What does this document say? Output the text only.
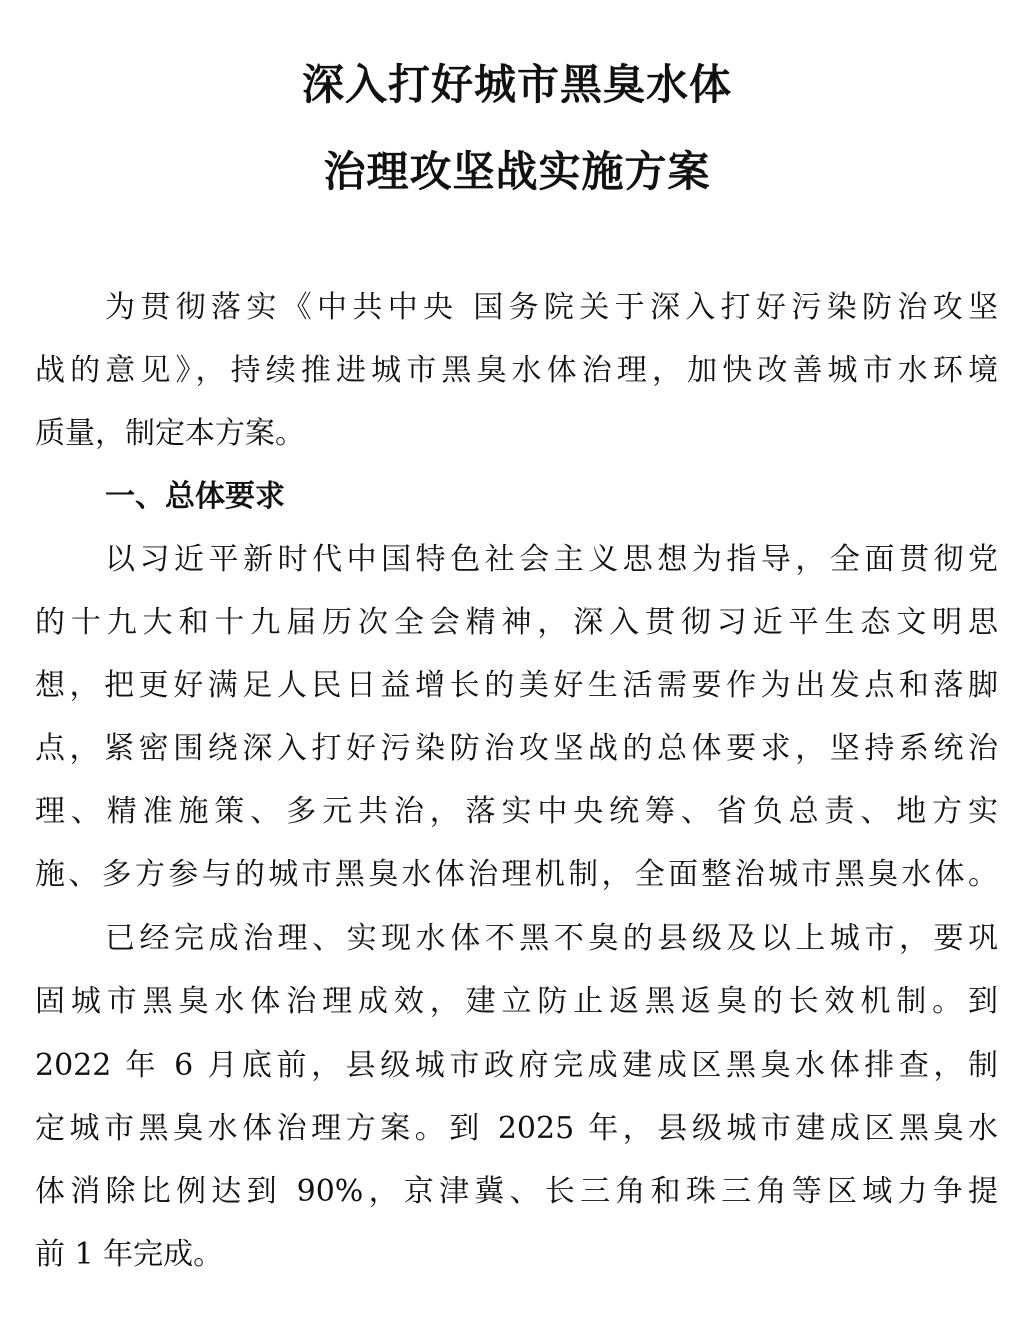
深入打好城市黑臭水体
治理攻坚战实施方案
为贯彻落实《中共中央 国务院关于深入打好污染防治攻坚
战的意见》，持续推进城市黑臭水体治理，加快改善城市水环境
质量，制定本方案。
一、总体要求
以习近平新时代中国特色社会主义思想为指导，全面贯彻党
的十九大和十九届历次全会精神，深入贯彻习近平生态文明思
想，把更好满足人民日益增长的美好生活需要作为出发点和落脚
点，紧密围绕深入打好污染防治攻坚战的总体要求，坚持系统治
理、精准施策、多元共治，落实中央统筹、省负总责、地方实
施、多方参与的城市黑臭水体治理机制，全面整治城市黑臭水体。
已经完成治理、实现水体不黑不臭的县级及以上城市，要巩
固城市黑臭水体治理成效，建立防止返黑返臭的长效机制。到
2022 年 6 月底前，县级城市政府完成建成区黑臭水体排查，制
定城市黑臭水体治理方案。到 2025 年，县级城市建成区黑臭水
体消除比例达到 90%，京津冀、长三角和珠三角等区域力争提
前 1 年完成。
